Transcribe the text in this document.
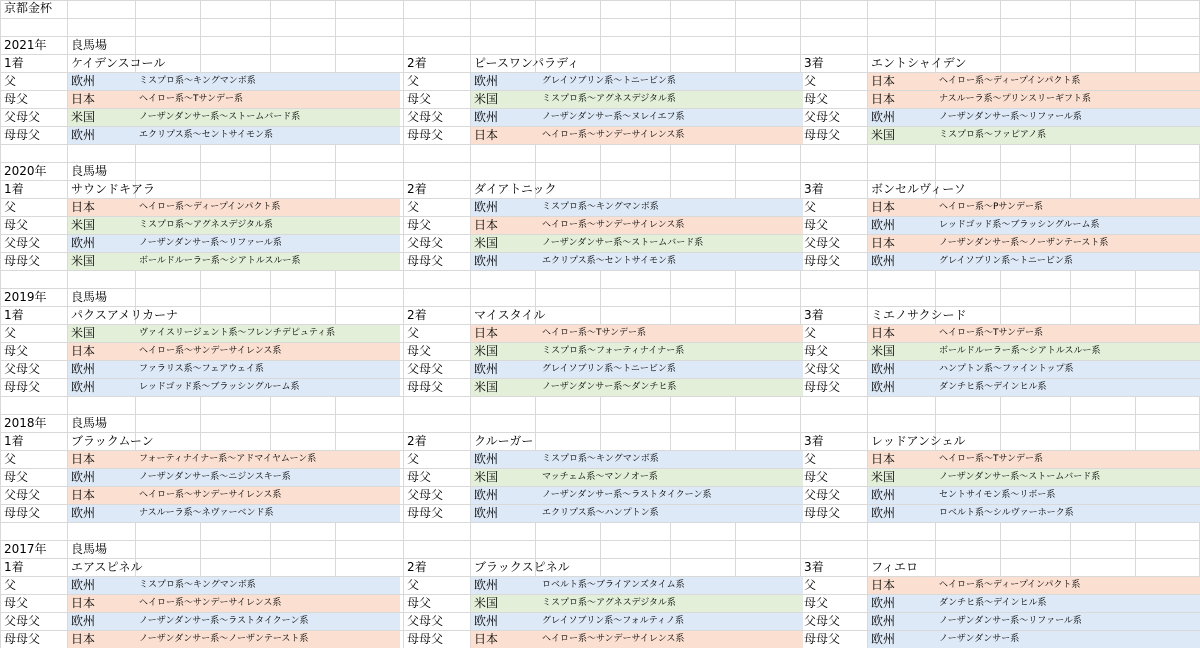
京都金杯
2021年	良馬場
1着	ケイデンスコール
父	欧州	ミスプロ系〜キングマンボ系
母父	日本	ヘイロー系〜Tサンデー系
父母父	米国	ノーザンダンサー系〜ストームバード系
母母父	欧州	エクリプス系〜セントサイモン系
2着	ピースワンパラディ
父	欧州	グレイソブリン系〜トニービン系
母父	米国	ミスプロ系〜アグネスデジタル系
父母父	欧州	ノーザンダンサー系〜ヌレイエフ系
母母父	日本	ヘイロー系〜サンデーサイレンス系
3着	エントシャイデン
父	日本	ヘイロー系〜ディープインパクト系
母父	日本	ナスルーラ系〜プリンスリーギフト系
父母父	欧州	ノーザンダンサー系〜リファール系
母母父	米国	ミスプロ系〜ファピアノ系
2020年	良馬場
1着	サウンドキアラ
父	日本	ヘイロー系〜ディープインパクト系
母父	米国	ミスプロ系〜アグネスデジタル系
父母父	欧州	ノーザンダンサー系〜リファール系
母母父	米国	ボールドルーラー系〜シアトルスルー系
2着	ダイアトニック
父	欧州	ミスプロ系〜キングマンボ系
母父	日本	ヘイロー系〜サンデーサイレンス系
父母父	米国	ノーザンダンサー系〜ストームバード系
母母父	欧州	エクリプス系〜セントサイモン系
3着	ボンセルヴィーソ
父	日本	ヘイロー系〜Pサンデー系
母父	欧州	レッドゴッド系〜ブラッシングルーム系
父母父	日本	ノーザンダンサー系〜ノーザンテースト系
母母父	欧州	グレイソブリン系〜トニービン系
2019年	良馬場
1着	パクスアメリカーナ
父	米国	ヴァイスリージェント系〜フレンチデピュティ系
母父	日本	ヘイロー系〜サンデーサイレンス系
父母父	欧州	ファラリス系〜フェアウェイ系
母母父	欧州	レッドゴッド系〜ブラッシングルーム系
2着	マイスタイル
父	日本	ヘイロー系〜Tサンデー系
母父	米国	ミスプロ系〜フォーティナイナー系
父母父	欧州	グレイソブリン系〜トニービン系
母母父	米国	ノーザンダンサー系〜ダンチヒ系
3着	ミエノサクシード
父	日本	ヘイロー系〜Tサンデー系
母父	米国	ボールドルーラー系〜シアトルスルー系
父母父	欧州	ハンプトン系〜ファイントップ系
母母父	欧州	ダンチヒ系〜デインヒル系
2018年	良馬場
1着	ブラックムーン
父	日本	フォーティナイナー系〜アドマイヤムーン系
母父	欧州	ノーザンダンサー系〜ニジンスキー系
父母父	日本	ヘイロー系〜サンデーサイレンス系
母母父	欧州	ナスルーラ系〜ネヴァーベンド系
2着	クルーガー
父	欧州	ミスプロ系〜キングマンボ系
母父	米国	マッチェム系〜マンノオー系
父母父	欧州	ノーザンダンサー系〜ラストタイクーン系
母母父	欧州	エクリプス系〜ハンプトン系
3着	レッドアンシェル
父	日本	ヘイロー系〜Tサンデー系
母父	米国	ノーザンダンサー系〜ストームバード系
父母父	欧州	セントサイモン系〜リボー系
母母父	欧州	ロベルト系〜シルヴァーホーク系
2017年	良馬場
1着	エアスピネル
父	欧州	ミスプロ系〜キングマンボ系
母父	日本	ヘイロー系〜サンデーサイレンス系
父母父	欧州	ノーザンダンサー系〜ラストタイクーン系
母母父	日本	ノーザンダンサー系〜ノーザンテースト系
2着	ブラックスピネル
父	欧州	ロベルト系〜ブライアンズタイム系
母父	米国	ミスプロ系〜アグネスデジタル系
父母父	欧州	グレイソブリン系〜フォルティノ系
母母父	日本	ヘイロー系〜サンデーサイレンス系
3着	フィエロ
父	日本	ヘイロー系〜ディープインパクト系
母父	欧州	ダンチヒ系〜デインヒル系
父母父	欧州	ノーザンダンサー系〜リファール系
母母父	欧州	ノーザンダンサー系
